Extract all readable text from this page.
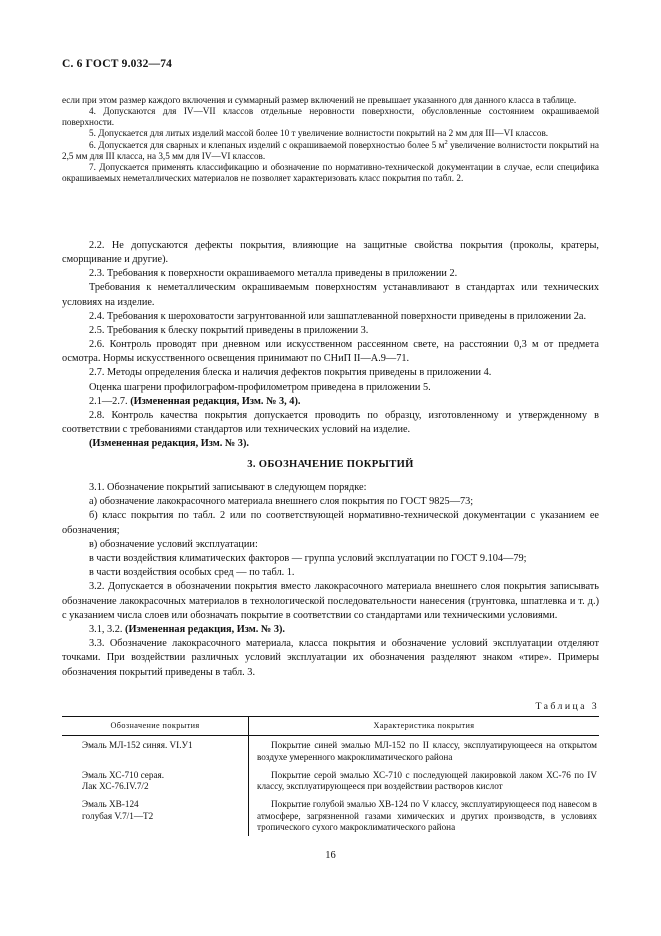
С. 6 ГОСТ 9.032—74

если при этом размер каждого включения и суммарный размер включений не превышает указанного для данного класса в таблице.

4. Допускаются для IV—VII классов отдельные неровности поверхности, обусловленные состоянием окрашиваемой поверхности.

5. Допускается для литых изделий массой более 10 т увеличение волнистости покрытий на 2 мм для III—VI классов.

6. Допускается для сварных и клепаных изделий с окрашиваемой поверхностью более 5 $м^2$ увеличение волнистости покрытий на 2,5 мм для III класса, на 3,5 мм для IV—VI классов.

7. Допускается применять классификацию и обозначение по нормативно-технической документации в случае, если специфика окрашиваемых неметаллических материалов не позволяет характеризовать класс покрытия по табл. 2.

2.2. Не допускаются дефекты покрытия, влияющие на защитные свойства покрытия (проколы, кратеры, сморщивание и другие).

2.3. Требования к поверхности окрашиваемого металла приведены в приложении 2.

Требования к неметаллическим окрашиваемым поверхностям устанавливают в стандартах или технических условиях на изделие.

2.4. Требования к шероховатости загрунтованной или зашпатлеванной поверхности приведены в приложении 2а.

2.5. Требования к блеску покрытий приведены в приложении 3.

2.6. Контроль проводят при дневном или искусственном рассеянном свете, на расстоянии 0,3 м от предмета осмотра. Нормы искусственного освещения принимают по СНиП II—А.9—71.

2.7. Методы определения блеска и наличия дефектов покрытия приведены в приложении 4.

Оценка шагрени профилографом-профилометром приведена в приложении 5.

2.1—2.7. (Измененная редакция, Изм. № 3, 4).

2.8. Контроль качества покрытия допускается проводить по образцу, изготовленному и утвержденному в соответствии с требованиями стандартов или технических условий на изделие.

(Измененная редакция, Изм. № 3).

3. ОБОЗНАЧЕНИЕ ПОКРЫТИЙ

3.1. Обозначение покрытий записывают в следующем порядке:

а) обозначение лакокрасочного материала внешнего слоя покрытия по ГОСТ 9825—73;

б) класс покрытия по табл. 2 или по соответствующей нормативно-технической документации с указанием ее обозначения;

в) обозначение условий эксплуатации:

в части воздействия климатических факторов — группа условий эксплуатации по ГОСТ 9.104—79;

в части воздействия особых сред — по табл. 1.

3.2. Допускается в обозначении покрытия вместо лакокрасочного материала внешнего слоя покрытия записывать обозначение лакокрасочных материалов в технологической последовательности нанесения (грунтовка, шпатлевка и т. д.) с указанием числа слоев или обозначать покрытие в соответствии со стандартами или техническими условиями.

3.1, 3.2. (Измененная редакция, Изм. № 3).

3.3. Обозначение лакокрасочного материала, класса покрытия и обозначение условий эксплуатации отделяют точками. При воздействии различных условий эксплуатации их обозначения разделяют знаком «тире». Примеры обозначения покрытий приведены в табл. 3.

Таблица 3
Обозначение покрытия	Характеристика покрытия

Эмаль МЛ-152 синяя. VI.У1	Покрытие синей эмалью МЛ-152 по II классу, эксплуатирующееся на открытом воздухе умеренного макроклиматического района

Эмаль ХС-710 серая.
Лак ХС-76.IV.7/2	Покрытие серой эмалью ХС-710 с последующей лакировкой лаком ХС-76 по IV классу, эксплуатирующееся при воздействии растворов кислот

Эмаль ХВ-124
голубая V.7/1—Т2	Покрытие голубой эмалью ХВ-124 по V классу, эксплуатирующееся под навесом в атмосфере, загрязненной газами химических и других производств, в условиях тропического сухого макроклиматического района
16
